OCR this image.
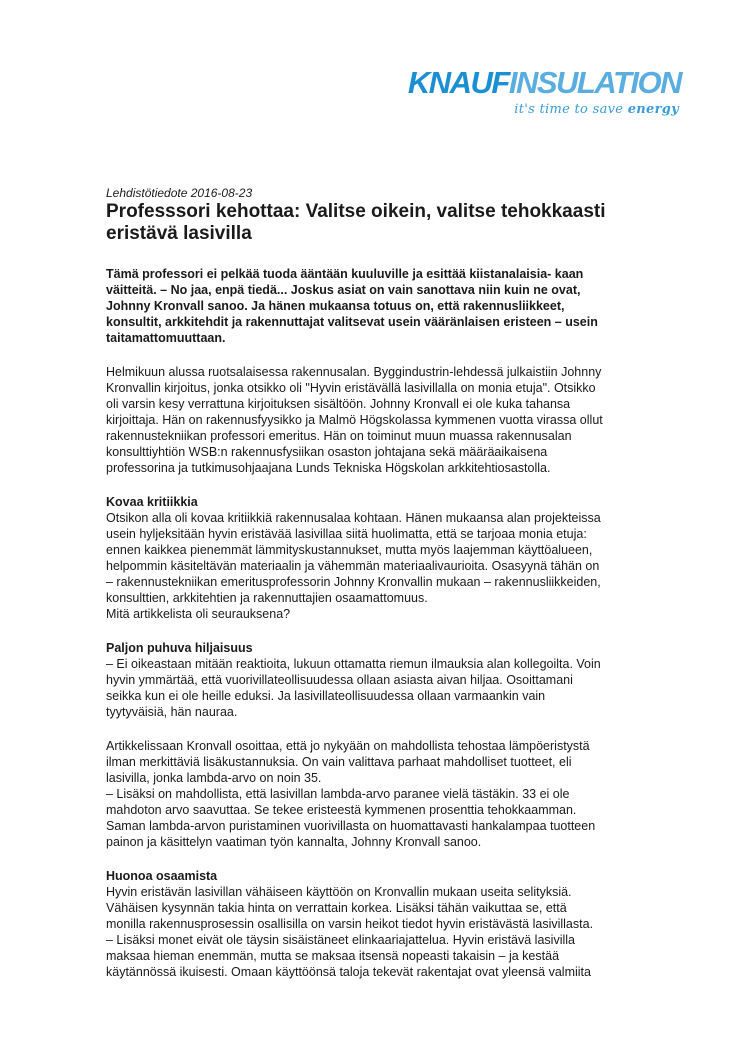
KNAUFINSULATION
it's time to save energy
Lehdistötiedote 2016-08-23
Professsori kehottaa: Valitse oikein, valitse tehokkaasti
eristävä lasivilla
Tämä professori ei pelkää tuoda ääntään kuuluville ja esittää kiistanalaisia- kaan
väitteitä. – No jaa, enpä tiedä... Joskus asiat on vain sanottava niin kuin ne ovat,
Johnny Kronvall sanoo. Ja hänen mukaansa totuus on, että rakennusliikkeet,
konsultit, arkkitehdit ja rakennuttajat valitsevat usein vääränlaisen eristeen – usein
taitamattomuuttaan.

Helmikuun alussa ruotsalaisessa rakennusalan. Byggindustrin-lehdessä julkaistiin Johnny
Kronvallin kirjoitus, jonka otsikko oli "Hyvin eristävällä lasivillalla on monia etuja". Otsikko
oli varsin kesy verrattuna kirjoituksen sisältöön. Johnny Kronvall ei ole kuka tahansa
kirjoittaja. Hän on rakennusfyysikko ja Malmö Högskolassa kymmenen vuotta virassa ollut
rakennustekniikan professori emeritus. Hän on toiminut muun muassa rakennusalan
konsulttiyhtiön WSB:n rakennusfysiikan osaston johtajana sekä määräaikaisena
professorina ja tutkimusohjaajana Lunds Tekniska Högskolan arkkitehtiosastolla.

Kovaa kritiikkia

Otsikon alla oli kovaa kritiikkiä rakennusalaa kohtaan. Hänen mukaansa alan projekteissa
usein hyljeksitään hyvin eristävää lasivillaa siitä huolimatta, että se tarjoaa monia etuja:
ennen kaikkea pienemmät lämmityskustannukset, mutta myös laajemman käyttöalueen,
helpommin käsiteltävän materiaalin ja vähemmän materiaalivaurioita. Osasyynä tähän on
– rakennustekniikan emeritusprofessorin Johnny Kronvallin mukaan – rakennusliikkeiden,
konsulttien, arkkitehtien ja rakennuttajien osaamattomuus.
Mitä artikkelista oli seurauksena?

Paljon puhuva hiljaisuus

– Ei oikeastaan mitään reaktioita, lukuun ottamatta riemun ilmauksia alan kollegoilta. Voin
hyvin ymmärtää, että vuorivillateollisuudessa ollaan asiasta aivan hiljaa. Osoittamani
seikka kun ei ole heille eduksi. Ja lasivillateollisuudessa ollaan varmaankin vain
tyytyväisiä, hän nauraa.

Artikkelissaan Kronvall osoittaa, että jo nykyään on mahdollista tehostaa lämpöeristystä
ilman merkittäviä lisäkustannuksia. On vain valittava parhaat mahdolliset tuotteet, eli
lasivilla, jonka lambda-arvo on noin 35.
– Lisäksi on mahdollista, että lasivillan lambda-arvo paranee vielä tästäkin. 33 ei ole
mahdoton arvo saavuttaa. Se tekee eristeestä kymmenen prosenttia tehokkaamman.
Saman lambda-arvon puristaminen vuorivillasta on huomattavasti hankalampaa tuotteen
painon ja käsittelyn vaatiman työn kannalta, Johnny Kronvall sanoo.

Huonoa osaamista

Hyvin eristävän lasivillan vähäiseen käyttöön on Kronvallin mukaan useita selityksiä.
Vähäisen kysynnän takia hinta on verrattain korkea. Lisäksi tähän vaikuttaa se, että
monilla rakennusprosessin osallisilla on varsin heikot tiedot hyvin eristävästä lasivillasta.
– Lisäksi monet eivät ole täysin sisäistäneet elinkaariajattelua. Hyvin eristävä lasivilla
maksaa hieman enemmän, mutta se maksaa itsensä nopeasti takaisin – ja kestää
käytännössä ikuisesti. Omaan käyttöönsä taloja tekevät rakentajat ovat yleensä valmiita
